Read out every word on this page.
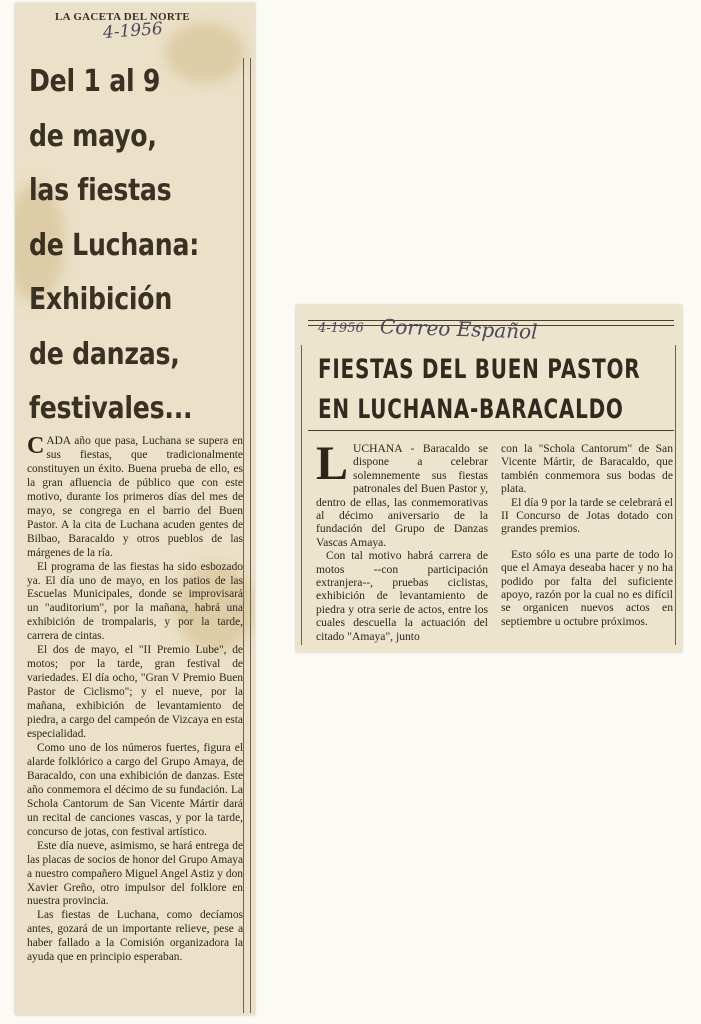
LA GACETA DEL NORTE
4-1956
Del 1 al 9
de mayo,
las fiestas
de Luchana:
Exhibición
de danzas,
festivales...

CADA año que pasa, Luchana se supera en sus fiestas, que tradicionalmente constituyen un éxito. Buena prueba de ello, es la gran afluencia de público que con este motivo, durante los primeros días del mes de mayo, se congrega en el barrio del Buen Pastor. A la cita de Luchana acuden gentes de Bilbao, Baracaldo y otros pueblos de las márgenes de la ría.

El programa de las fiestas ha sido esbozado ya. El día uno de mayo, en los patios de las Escuelas Municipales, donde se improvisará un "auditorium", por la mañana, habrá una exhibición de trompalaris, y por la tarde, carrera de cintas.

El dos de mayo, el "II Premio Lube", de motos; por la tarde, gran festival de variedades. El día ocho, "Gran V Premio Buen Pastor de Ciclismo"; y el nueve, por la mañana, exhibición de levantamiento de piedra, a cargo del campeón de Vizcaya en esta especialidad.

Como uno de los números fuertes, figura el alarde folklórico a cargo del Grupo Amaya, de Baracaldo, con una exhibición de danzas. Este año conmemora el décimo de su fundación. La Schola Cantorum de San Vicente Mártir dará un recital de canciones vascas, y por la tarde, concurso de jotas, con festival artístico.

Este día nueve, asimismo, se hará entrega de las placas de socios de honor del Grupo Amaya a nuestro compañero Miguel Angel Astiz y don Xavier Greño, otro impulsor del folklore en nuestra provincia.

Las fiestas de Luchana, como decíamos antes, gozará de un importante relieve, pese a haber fallado a la Comisión organizadora la ayuda que en principio esperaban.

4-1956 Correo Español
FIESTAS DEL BUEN PASTOR
EN LUCHANA-BARACALDO

LUCHANA - Baracaldo se dispone a celebrar solemnemente sus fiestas patronales del Buen Pastor y, dentro de ellas, las conmemorativas al décimo aniversario de la fundación del Grupo de Danzas Vascas Amaya.

Con tal motivo habrá carrera de motos --con participación extranjera--, pruebas ciclistas, exhibición de levantamiento de piedra y otra serie de actos, entre los cuales descuella la actuación del citado "Amaya", junto

con la "Schola Cantorum" de San Vicente Mártir, de Baracaldo, que también conmemora sus bodas de plata.

El día 9 por la tarde se celebrará el II Concurso de Jotas dotado con grandes premios.

Esto sólo es una parte de todo lo que el Amaya deseaba hacer y no ha podido por falta del suficiente apoyo, razón por la cual no es difícil se organicen nuevos actos en septiembre u octubre próximos.
